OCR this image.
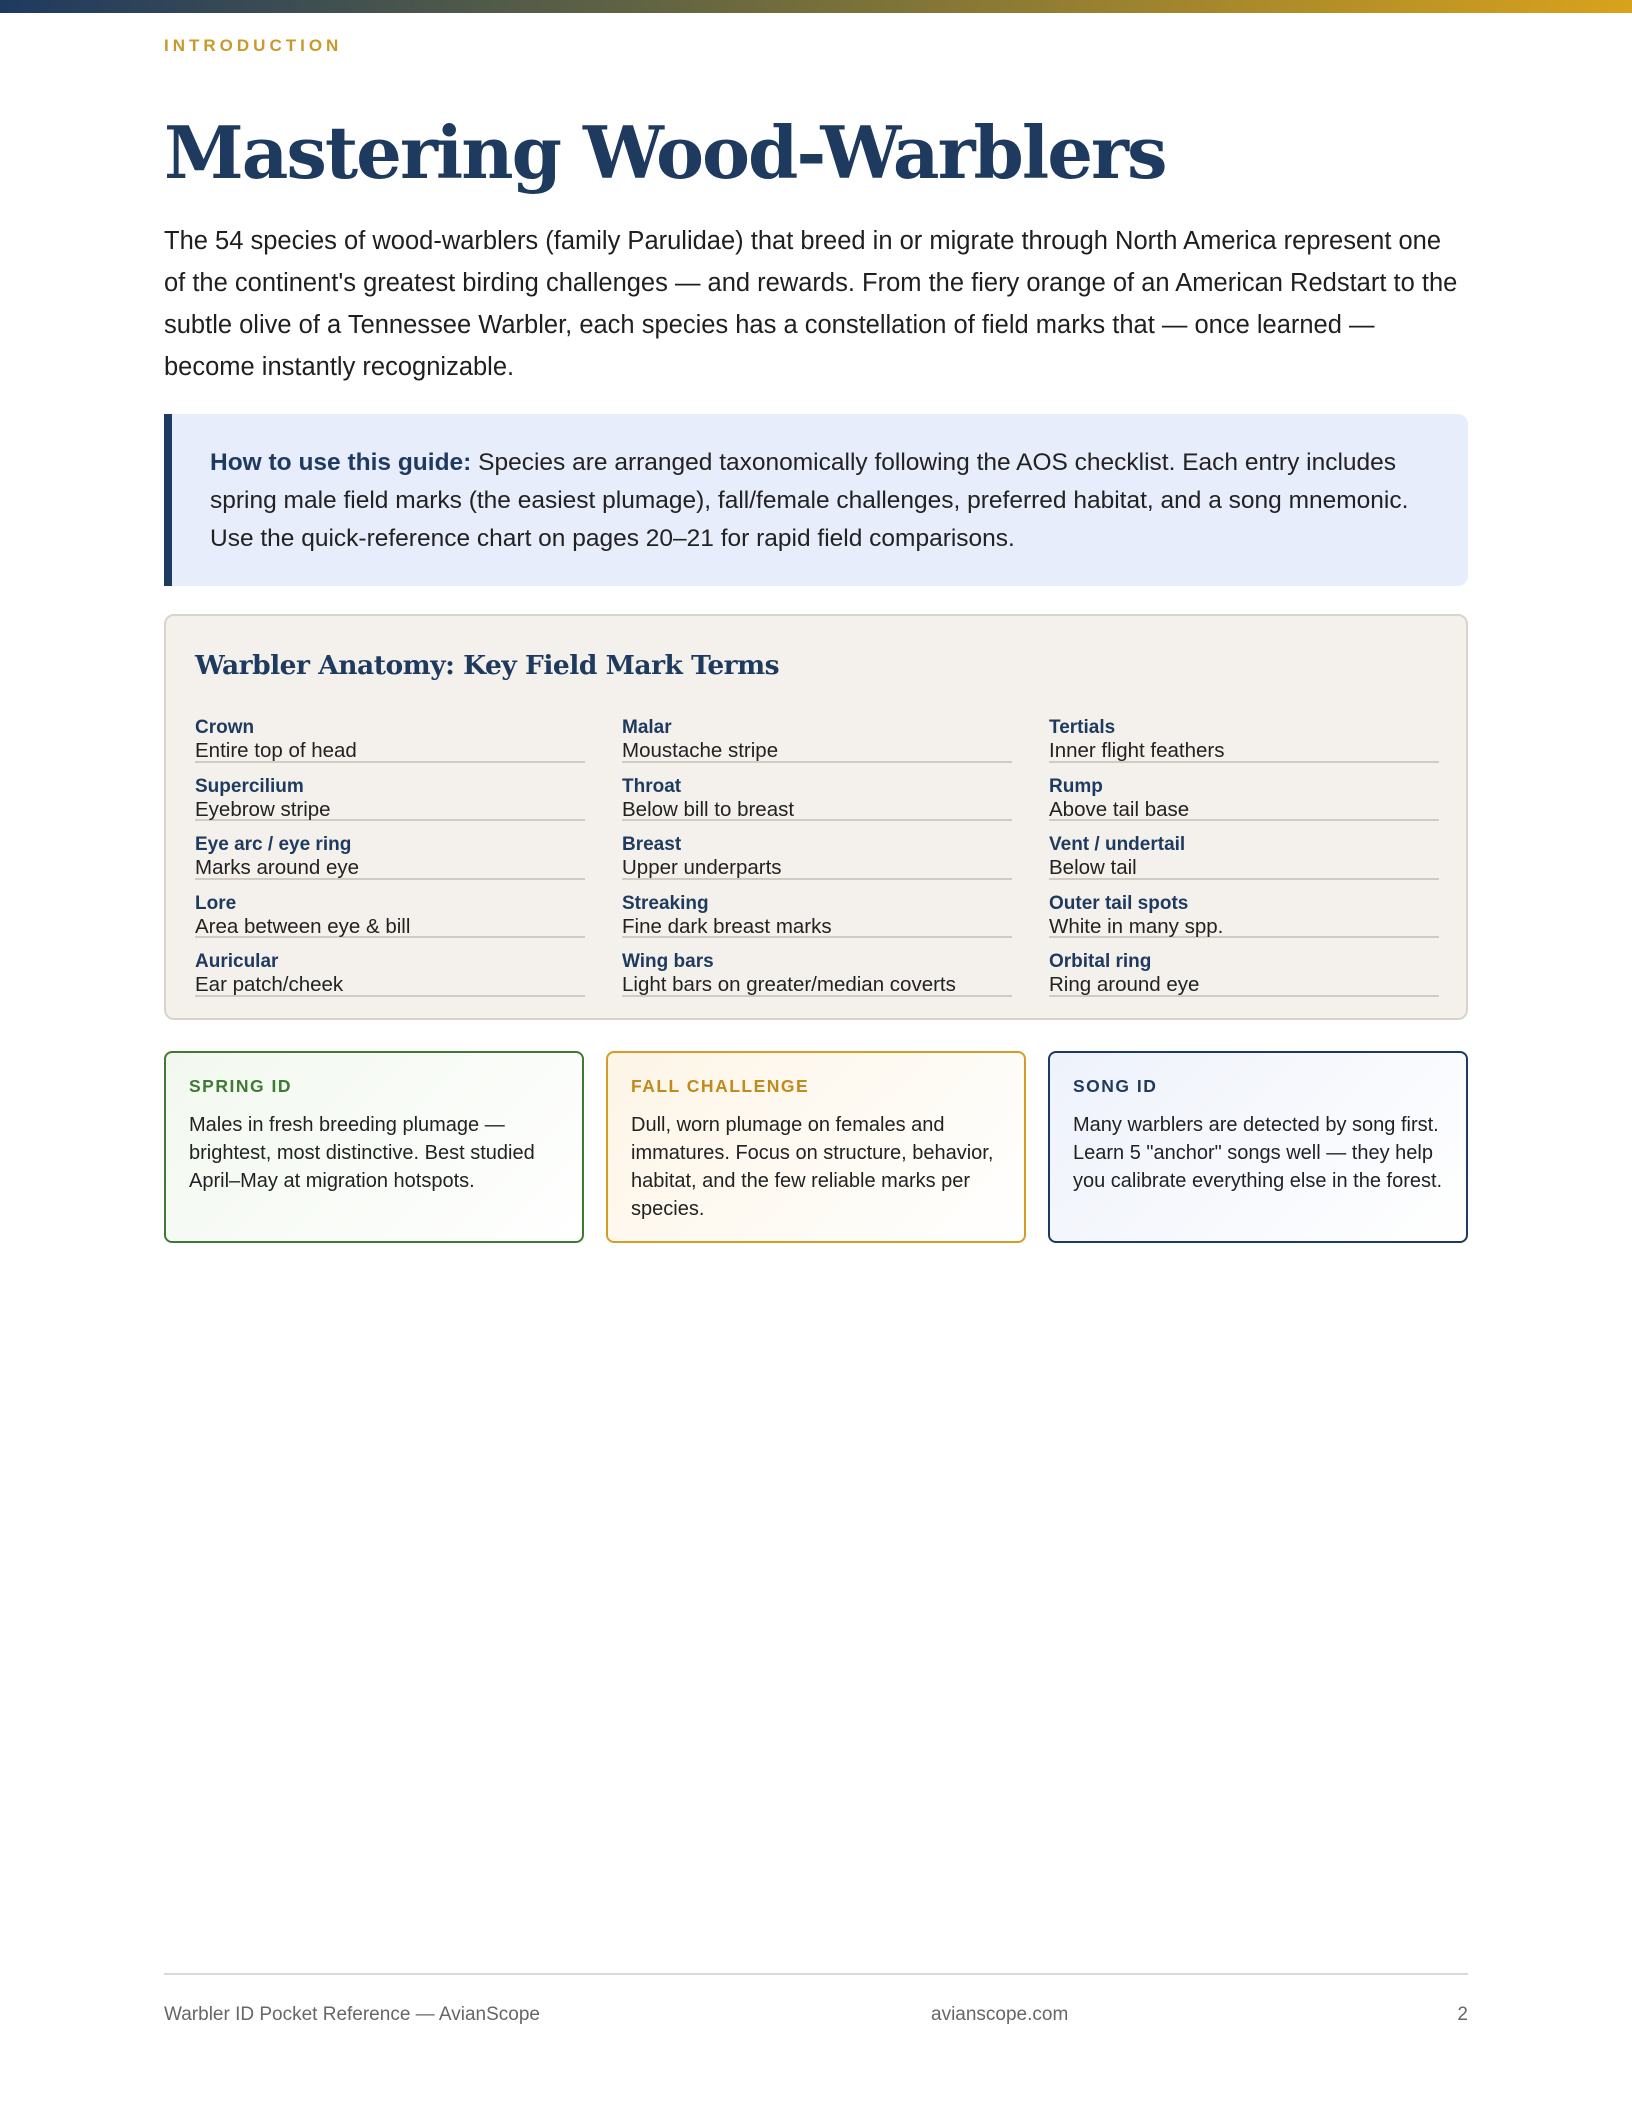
INTRODUCTION
Mastering Wood-Warblers

The 54 species of wood-warblers (family Parulidae) that breed in or migrate through North America represent one of the continent's greatest birding challenges — and rewards. From the fiery orange of an American Redstart to the subtle olive of a Tennessee Warbler, each species has a constellation of field marks that — once learned — become instantly recognizable.

How to use this guide: Species are arranged taxonomically following the AOS checklist. Each entry includes spring male field marks (the easiest plumage), fall/female challenges, preferred habitat, and a song mnemonic. Use the quick-reference chart on pages 20–21 for rapid field comparisons.
Warbler Anatomy: Key Field Mark Terms
Crown
Entire top of head
Malar
Moustache stripe
Tertials
Inner flight feathers
Supercilium
Eyebrow stripe
Throat
Below bill to breast
Rump
Above tail base
Eye arc / eye ring
Marks around eye
Breast
Upper underparts
Vent / undertail
Below tail
Lore
Area between eye & bill
Streaking
Fine dark breast marks
Outer tail spots
White in many spp.
Auricular
Ear patch/cheek
Wing bars
Light bars on greater/median coverts
Orbital ring
Ring around eye
SPRING ID

Males in fresh breeding plumage — brightest, most distinctive. Best studied April–May at migration hotspots.

FALL CHALLENGE

Dull, worn plumage on females and immatures. Focus on structure, behavior, habitat, and the few reliable marks per species.

SONG ID

Many warblers are detected by song first. Learn 5 "anchor" songs well — they help you calibrate everything else in the forest.

Warbler ID Pocket Reference — AvianScope	avianscope.com	2
